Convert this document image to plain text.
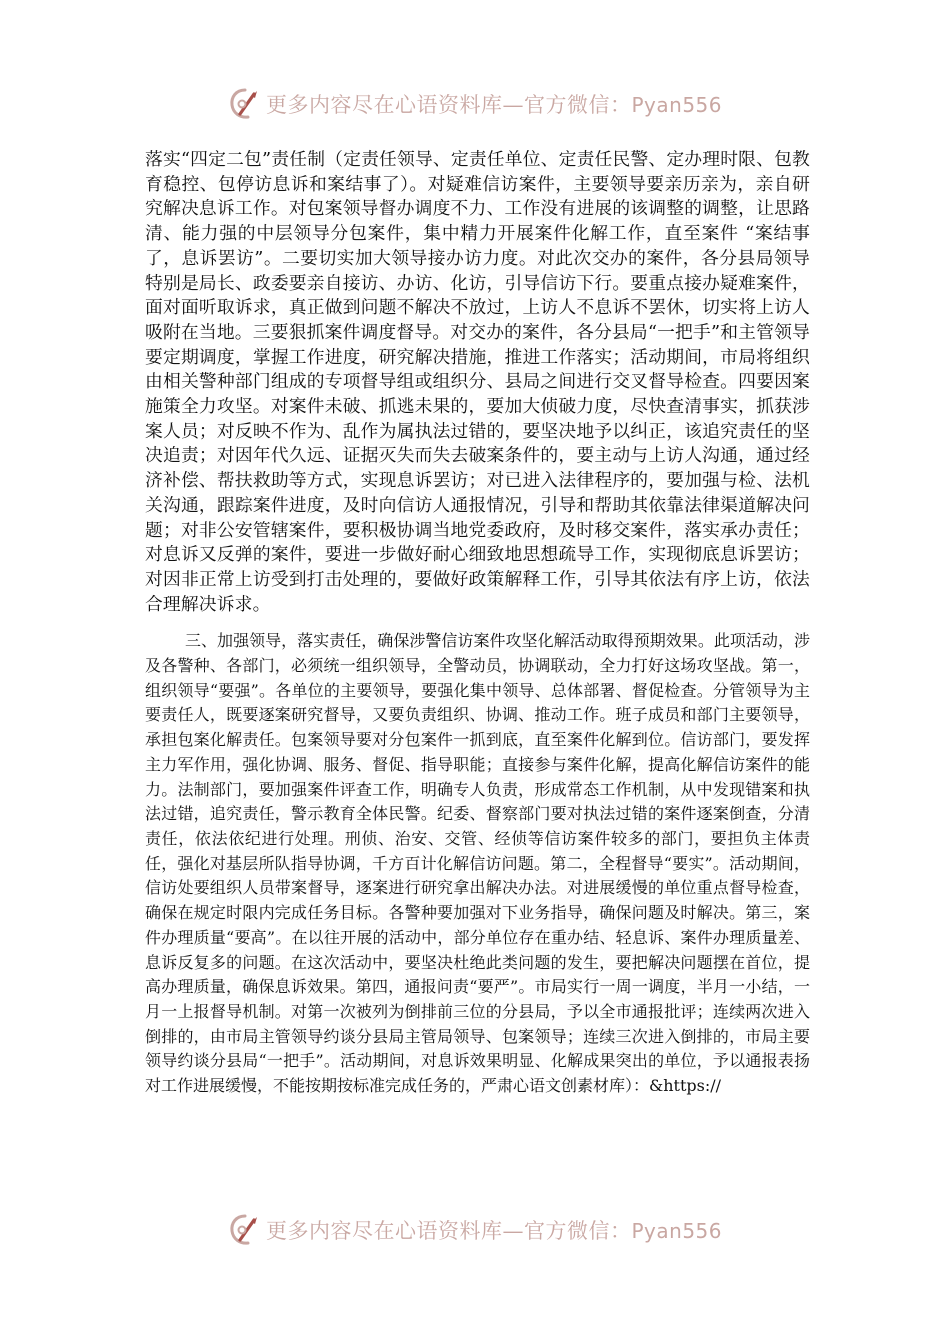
更多内容尽在心语资料库—官方微信：Pyan556

落实“四定二包”责任制（定责任领导、定责任单位、定责任民警、定办理时限、包教育稳控、包停访息诉和案结事了）。对疑难信访案件，主要领导要亲历亲为，亲自研究解决息诉工作。对包案领导督办调度不力、工作没有进展的该调整的调整，让思路清、能力强的中层领导分包案件，集中精力开展案件化解工作，直至案件 “案结事了，息诉罢访”。二要切实加大领导接办访力度。对此次交办的案件，各分县局领导特别是局长、政委要亲自接访、办访、化访，引导信访下行。要重点接办疑难案件，面对面听取诉求，真正做到问题不解决不放过，上访人不息诉不罢休，切实将上访人吸附在当地。三要狠抓案件调度督导。对交办的案件，各分县局“一把手”和主管领导要定期调度，掌握工作进度，研究解决措施，推进工作落实；活动期间，市局将组织由相关警种部门组成的专项督导组或组织分、县局之间进行交叉督导检查。四要因案施策全力攻坚。对案件未破、抓逃未果的，要加大侦破力度，尽快查清事实，抓获涉案人员；对反映不作为、乱作为属执法过错的，要坚决地予以纠正，该追究责任的坚决追责；对因年代久远、证据灭失而失去破案条件的，要主动与上访人沟通，通过经济补偿、帮扶救助等方式，实现息诉罢访；对已进入法律程序的，要加强与检、法机关沟通，跟踪案件进度，及时向信访人通报情况，引导和帮助其依靠法律渠道解决问题；对非公安管辖案件，要积极协调当地党委政府，及时移交案件，落实承办责任；对息诉又反弹的案件，要进一步做好耐心细致地思想疏导工作，实现彻底息诉罢访；对因非正常上访受到打击处理的，要做好政策解释工作，引导其依法有序上访，依法合理解决诉求。

三、加强领导，落实责任，确保涉警信访案件攻坚化解活动取得预期效果。此项活动，涉及各警种、各部门，必须统一组织领导，全警动员，协调联动，全力打好这场攻坚战。第一，组织领导“要强”。各单位的主要领导，要强化集中领导、总体部署、督促检查。分管领导为主要责任人，既要逐案研究督导，又要负责组织、协调、推动工作。班子成员和部门主要领导，承担包案化解责任。包案领导要对分包案件一抓到底，直至案件化解到位。信访部门，要发挥主力军作用，强化协调、服务、督促、指导职能；直接参与案件化解，提高化解信访案件的能力。法制部门，要加强案件评查工作，明确专人负责，形成常态工作机制，从中发现错案和执法过错，追究责任，警示教育全体民警。纪委、督察部门要对执法过错的案件逐案倒查，分清责任，依法依纪进行处理。刑侦、治安、交管、经侦等信访案件较多的部门，要担负主体责任，强化对基层所队指导协调，千方百计化解信访问题。第二，全程督导“要实”。活动期间，信访处要组织人员带案督导，逐案进行研究拿出解决办法。对进展缓慢的单位重点督导检查，确保在规定时限内完成任务目标。各警种要加强对下业务指导，确保问题及时解决。第三，案件办理质量“要高”。在以往开展的活动中，部分单位存在重办结、轻息诉、案件办理质量差、息诉反复多的问题。在这次活动中，要坚决杜绝此类问题的发生，要把解决问题摆在首位，提高办理质量，确保息诉效果。第四，通报问责“要严”。市局实行一周一调度，半月一小结，一月一上报督导机制。对第一次被列为倒排前三位的分县局，予以全市通报批评；连续两次进入倒排的，由市局主管领导约谈分县局主管局领导、包案领导；连续三次进入倒排的，市局主要领导约谈分县局“一把手”。活动期间，对息诉效果明显、化解成果突出的单位，予以通报表扬对工作进展缓慢，不能按期按标准完成任务的，严肃心语文创素材库）：&https://

更多内容尽在心语资料库—官方微信：Pyan556
